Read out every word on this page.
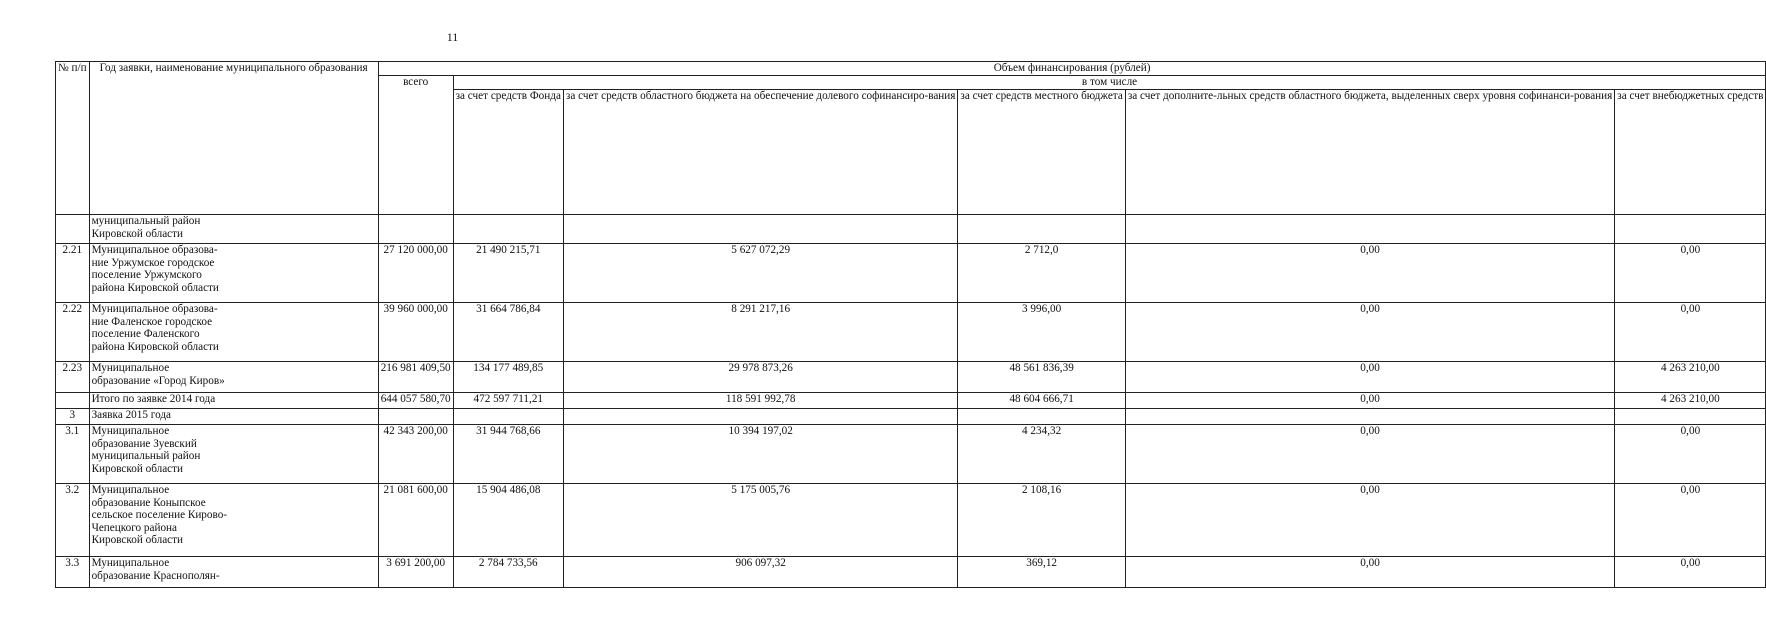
11
№ п/п	Год заявки, наименование муниципального образования	Объем финансирования (рублей)					
		всего	в том числе				
			за счет средств Фонда	за счет средств областного бюджета на обеспечение долевого софинансиро-вания	за счет средств местного бюджета	за счет дополните-льных средств областного бюджета, выделенных сверх уровня софинанси-рования	за счет внебюджетных средств

	муниципальный район
Кировской области						

2.21	Муниципальное образова-
ние Уржумское городское
поселение Уржумского
района Кировской области	27 120 000,00	21 490 215,71	5 627 072,29	2 712,0	0,00	0,00
2.22	Муниципальное образова-
ние Фаленское городское
поселение Фаленского
района Кировской области	39 960 000,00	31 664 786,84	8 291 217,16	3 996,00	0,00	0,00
2.23	Муниципальное
образование «Город Киров»	216 981 409,50	134 177 489,85	29 978 873,26	48 561 836,39	0,00	4 263 210,00

	Итого по заявке 2014 года	644 057 580,70	472 597 711,21	118 591 992,78	48 604 666,71	0,00	4 263 210,00
3	Заявка 2015 года						

3.1	Муниципальное
образование Зуевский
муниципальный район
Кировской области	42 343 200,00	31 944 768,66	10 394 197,02	4 234,32	0,00	0,00
3.2	Муниципальное
образование Коныпское
сельское поселение Кирово-
Чепецкого района
Кировской области	21 081 600,00	15 904 486,08	5 175 005,76	2 108,16	0,00	0,00
3.3	Муниципальное
образование Краснополян-	3 691 200,00	2 784 733,56	906 097,32	369,12	0,00	0,00
